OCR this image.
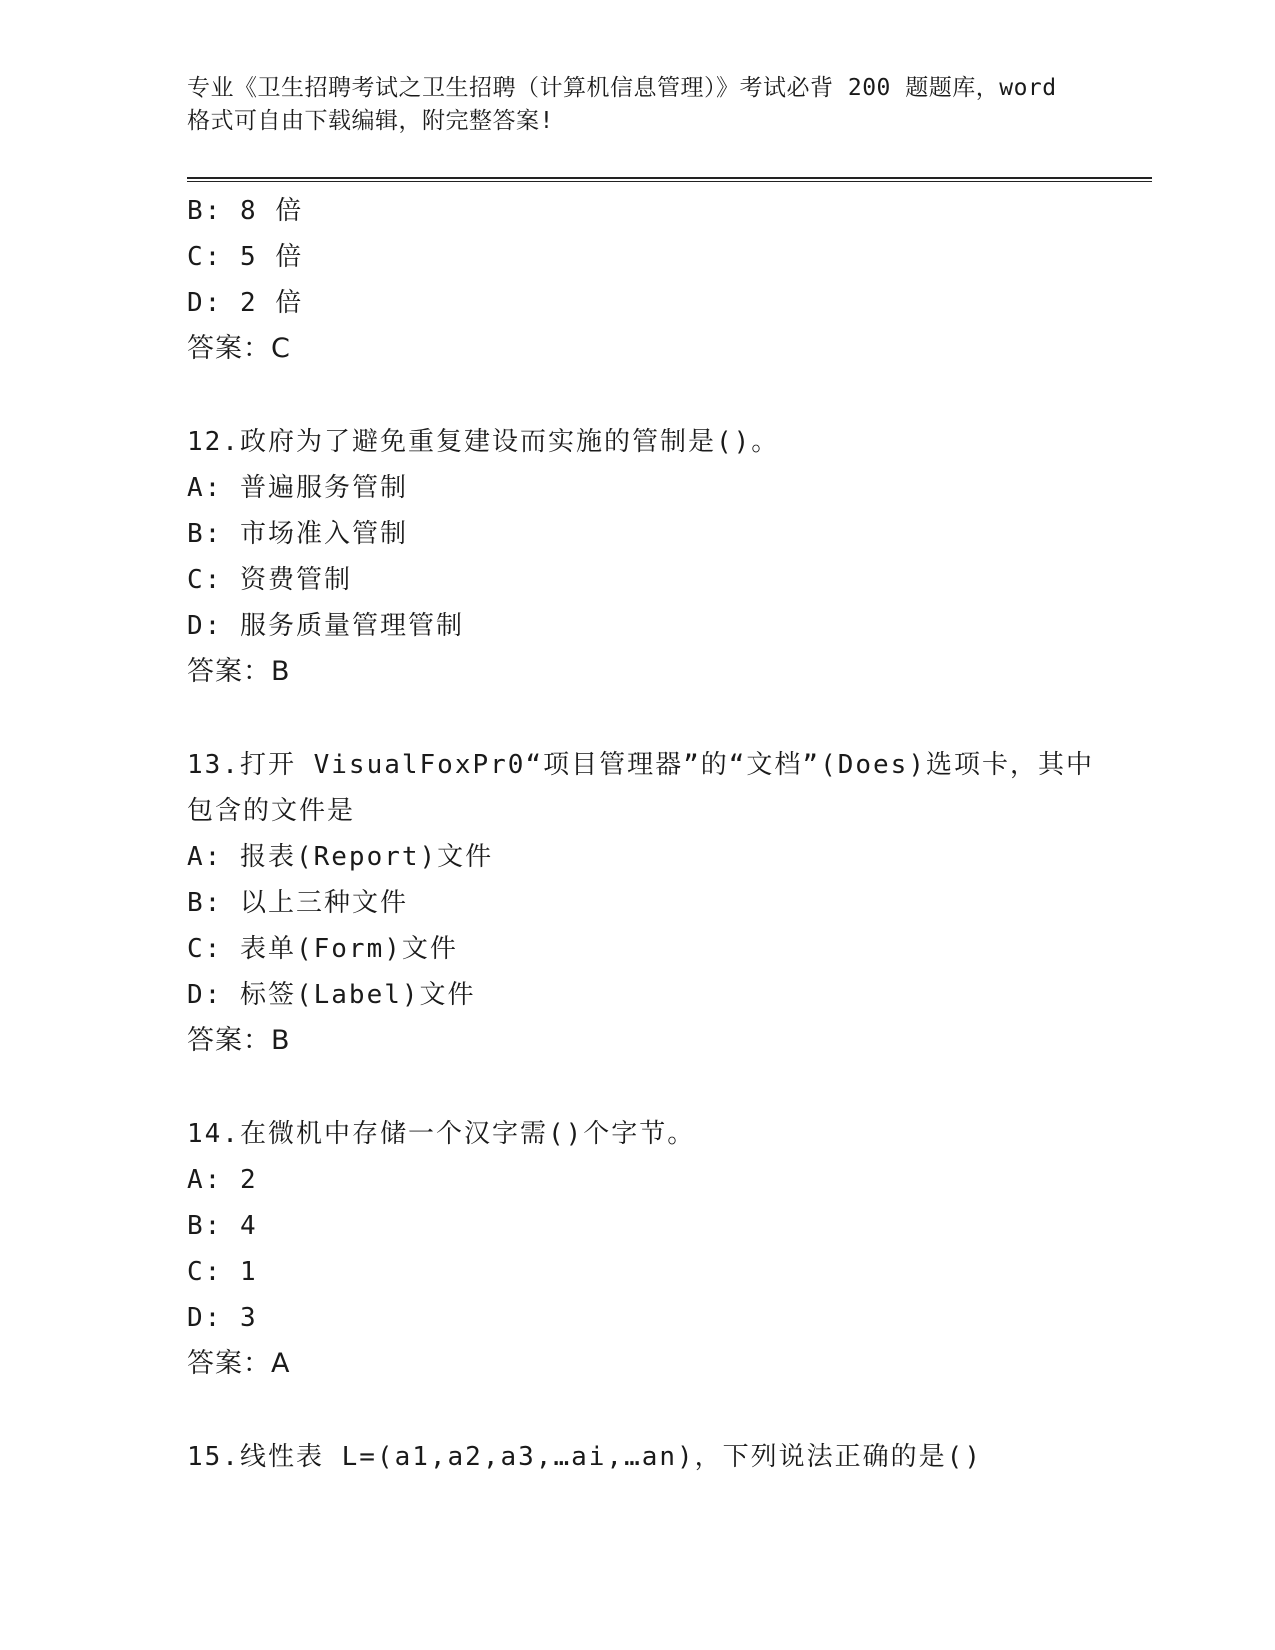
专业《卫生招聘考试之卫生招聘（计算机信息管理）》考试必背 200 题题库，word
格式可自由下载编辑，附完整答案!
B: 8 倍
C: 5 倍
D: 2 倍
答案：C
12.政府为了避免重复建设而实施的管制是()。
A: 普遍服务管制
B: 市场准入管制
C: 资费管制
D: 服务质量管理管制
答案：B
13.打开 VisualFoxPr0“项目管理器”的“文档”(Does)选项卡，其中
包含的文件是
A: 报表(Report)文件
B: 以上三种文件
C: 表单(Form)文件
D: 标签(Label)文件
答案：B
14.在微机中存储一个汉字需()个字节。
A: 2
B: 4
C: 1
D: 3
答案：A
15.线性表 L=(a1,a2,a3,…ai,…an)，下列说法正确的是()
